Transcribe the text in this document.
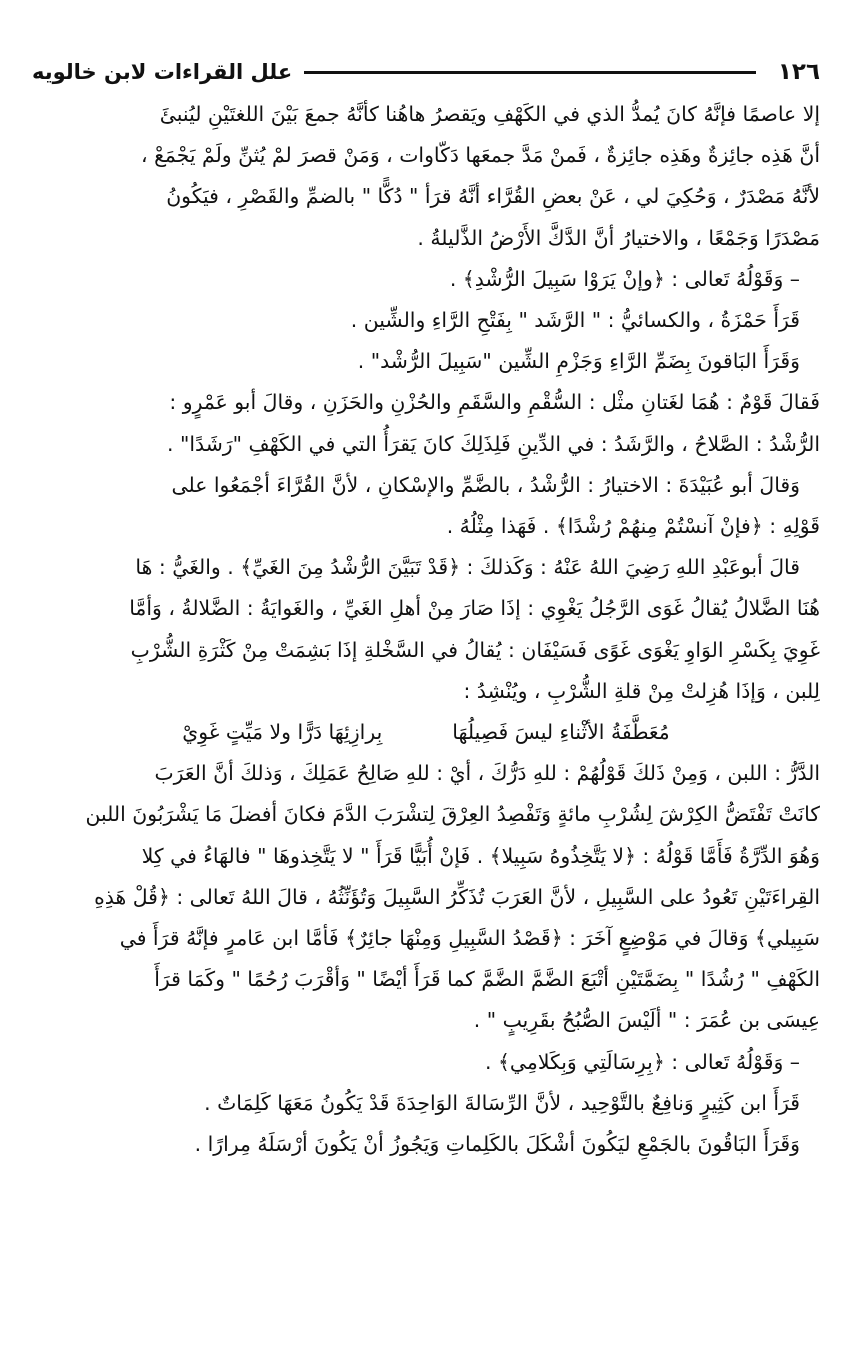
١٢٦
علل القراءات لابن خالويه

إلا عاصمًا فإنَّهُ كانَ يُمدُّ الذي في الكَهْفِ ويَقصرُ هاهُنا كأنَّهُ جمعَ بَيْنَ اللغتَيْنِ ليُنبئَ

أنَّ هَذِه جائِزةٌ وهَذِه جائِزةٌ ، فَمنْ مَدَّ جمعَها دَكّاوات ، وَمَنْ قصرَ لمْ يُثنِّ ولَمْ يَجْمَعْ ،

لأنَّهُ مَصْدَرٌ ، وَحُكِيَ لي ، عَنْ بعضِ القُرَّاء أنَّهُ قرَأ " دُكًّا " بالضمِّ والقَصْرِ ، فيَكُونُ

مَصْدَرًا وَجَمْعًا ، والاختيارُ أنَّ الدَّكَّ الأَرْضُ الذَّليلةُ .

– وَقَوْلُهُ تَعالى : ﴿وإنْ يَرَوْا سَبِيلَ الرُّشْدِ﴾ .

قَرَأَ حَمْزَةُ ، والكسائيُّ : " الرَّشَد " بِفَتْحِ الرَّاءِ والشِّين .

وَقَرَأَ البَاقونَ بِضَمِّ الرَّاءِ وَجَزْمِ الشِّين "سَبِيلَ الرُّشْد" .

فَقالَ قَوْمٌ : هُمَا لغَتانِ مثْل : السُّقْمِ والسَّقَمِ والحُزْنِ والحَزَنِ ، وقالَ أبو عَمْرٍو :

الرُّشْدُ : الصَّلاحُ ، والرَّشَدُ : في الدِّينِ فَلِذَلِكَ كانَ يَقرَأُ التي في الكَهْفِ "رَشَدًا" .

وَقالَ أبو عُبَيْدَةَ : الاختيارُ : الرُّشْدُ ، بالضَّمِّ والإسْكانِ ، لأنَّ القُرَّاءَ أجْمَعُوا على

قَوْلِهِ : ﴿فإنْ آنسْتُمْ مِنهُمْ رُشْدًا﴾ . فَهَذا مِثْلُهُ .

قالَ أبوعَبْدِ اللهِ رَضِيَ اللهُ عَنْهُ : وَكَذلكَ : ﴿قَدْ تَبَيَّنَ الرُّشْدُ مِنَ الغَيِّ﴾ . والغَيُّ : هَا

هُنَا الضَّلالُ يُقالُ غَوَى الرَّجُلُ يَغْوِي : إذَا صَارَ مِنْ أهلِ الغَيِّ ، والغَوايَةُ : الضَّلالةُ ، وَأمَّا

غَوِيَ بِكَسْرِ الوَاوِ يَغْوَى غَوًى فَسَيْفَان : يُقالُ في السَّخْلةِ إذَا بَشِمَتْ مِنْ كَثْرَةِ الشُّرْبِ

لِلبن ، وَإذَا هُزِلتْ مِنْ قلةِ الشُّرْبِ ، ويُنْشِدُ :

مُعَطَّفَةُ الأثْناءِ ليسَ فَصِيلُهَا
بِرازِئِهَا دَرًّا ولا مَيِّتٍ غَوِيْ

الدَّرُّ : اللبن ، وَمِنْ ذَلكَ قَوْلُهُمْ : للهِ دَرُّكَ ، أيْ : للهِ صَالِحُ عَمَلِكَ ، وَذلكَ أنَّ العَرَبَ

كانَتْ تَفْتَضُّ الكِرْشَ لِشُرْبِ مائةٍ وَتَفْصِدُ العِرْقَ لِتشْرَبَ الدَّمَ فكانَ أفضلَ مَا يَشْرَبُونَ اللبن

وَهُوَ الدِّرَّةُ فَأَمَّا قَوْلُهُ : ﴿لا يَتَّخِذُوهُ سَبِيلا﴾ . فَإنْ أُبَيًّا قَرَأَ " لا يَتَّخِذوهَا " فالهَاءُ في كِلا

القِراءَتَيْنِ تَعُودُ على السَّبِيلِ ، لأنَّ العَرَبَ تُذَكِّرُ السَّبِيلَ وَتُؤَنِّثُهُ ، قالَ اللهُ تَعالى : ﴿قُلْ هَذِهِ

سَبِيلي﴾ وَقالَ في مَوْضِعٍ آخَرَ : ﴿قَصْدُ السَّبِيلِ وَمِنْهَا جائِرٌ﴾ فَأمَّا ابن عَامرٍ فإنَّهُ قرَأَ في

الكَهْفِ " رُشُدًا " بِضَمَّتَيْنِ أتْبَعَ الضَّمَّ الضَّمَّ كما قَرَأَ أيْضًا " وَأقْرَبَ رُحُمًا " وكَمَا قرَأَ

عِيسَى بن عُمَرَ : " ألَيْسَ الصُّبُحُ بقَرِيبٍ " .

– وَقَوْلُهُ تَعالى : ﴿بِرِسَالَتِي وَبِكَلامِي﴾ .

قَرَأَ ابن كَثِيرٍ وَنافِعٌ بالتَّوْحِيد ، لأنَّ الرِّسَالةَ الوَاحِدَةَ قَدْ يَكُونُ مَعَهَا كَلِمَاتٌ .

وَقَرَأَ البَاقُونَ بالجَمْعِ ليَكُونَ أشْكَلَ بالكَلِماتِ وَيَجُوزُ أنْ يَكُونَ أرْسَلَهُ مِرارًا .
